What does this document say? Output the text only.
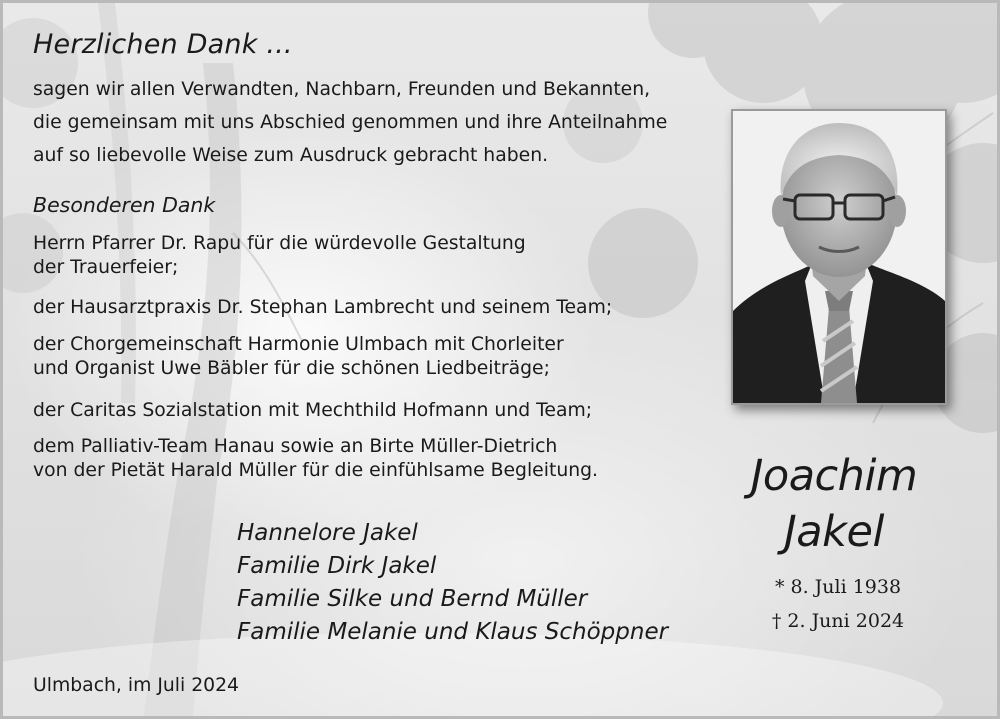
Herzlichen Dank ...
sagen wir allen Verwandten, Nachbarn, Freunden und Bekannten,
die gemeinsam mit uns Abschied genommen und ihre Anteilnahme
auf so liebevolle Weise zum Ausdruck gebracht haben.
Besonderen Dank
Herrn Pfarrer Dr. Rapu für die würdevolle Gestaltung
der Trauerfeier;
der Hausarztpraxis Dr. Stephan Lambrecht und seinem Team;
der Chorgemeinschaft Harmonie Ulmbach mit Chorleiter
und Organist Uwe Bäbler für die schönen Liedbeiträge;
der Caritas Sozialstation mit Mechthild Hofmann und Team;
dem Palliativ-Team Hanau sowie an Birte Müller-Dietrich
von der Pietät Harald Müller für die einfühlsame Begleitung.
Hannelore Jakel
Familie Dirk Jakel
Familie Silke und Bernd Müller
Familie Melanie und Klaus Schöppner
Ulmbach, im Juli 2024
Joachim
Jakel
* 8. Juli 1938
† 2. Juni 2024
